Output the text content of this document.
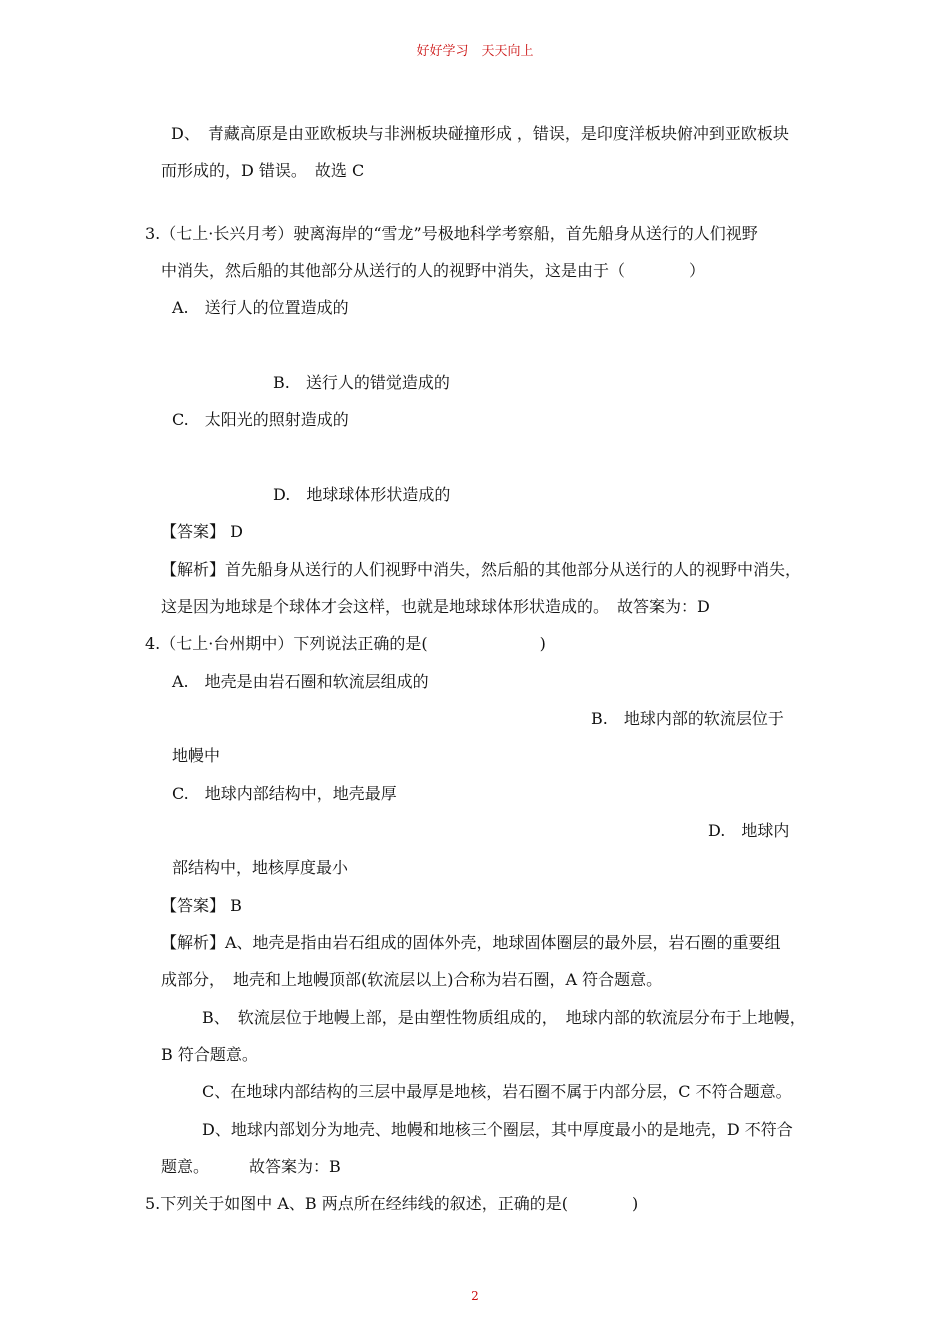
好好学习　天天向上
D、　青藏高原是由亚欧板块与非洲板块碰撞形成 ，错误，是印度洋板块俯冲到亚欧板块
而形成的，D 错误。　故选 C
3.（七上·长兴月考）驶离海岸的“雪龙”号极地科学考察船，首先船身从送行的人们视野
中消失，然后船的其他部分从送行的人的视野中消失，这是由于（　　　　）
A.　送行人的位置造成的
B.　送行人的错觉造成的
C.　太阳光的照射造成的
D.　地球球体形状造成的
【答案】 D
【解析】首先船身从送行的人们视野中消失，然后船的其他部分从送行的人的视野中消失，
这是因为地球是个球体才会这样，也就是地球球体形状造成的。　故答案为：D
4.（七上·台州期中）下列说法正确的是(　　　　　　　)
A.　地壳是由岩石圈和软流层组成的
B.　地球内部的软流层位于
地幔中
C.　地球内部结构中，地壳最厚
D.　地球内
部结构中，地核厚度最小
【答案】 B
【解析】A、地壳是指由岩石组成的固体外壳，地球固体圈层的最外层，岩石圈的重要组
成部分，　地壳和上地幔顶部(软流层以上)合称为岩石圈，A 符合题意。
B、　软流层位于地幔上部，是由塑性物质组成的，　地球内部的软流层分布于上地幔，
B 符合题意。
C、在地球内部结构的三层中最厚是地核，岩石圈不属于内部分层，C 不符合题意。
D、地球内部划分为地壳、地幔和地核三个圈层，其中厚度最小的是地壳，D 不符合
题意。　　　故答案为：B
5.下列关于如图中 A、B 两点所在经纬线的叙述，正确的是(　　　　)
2
